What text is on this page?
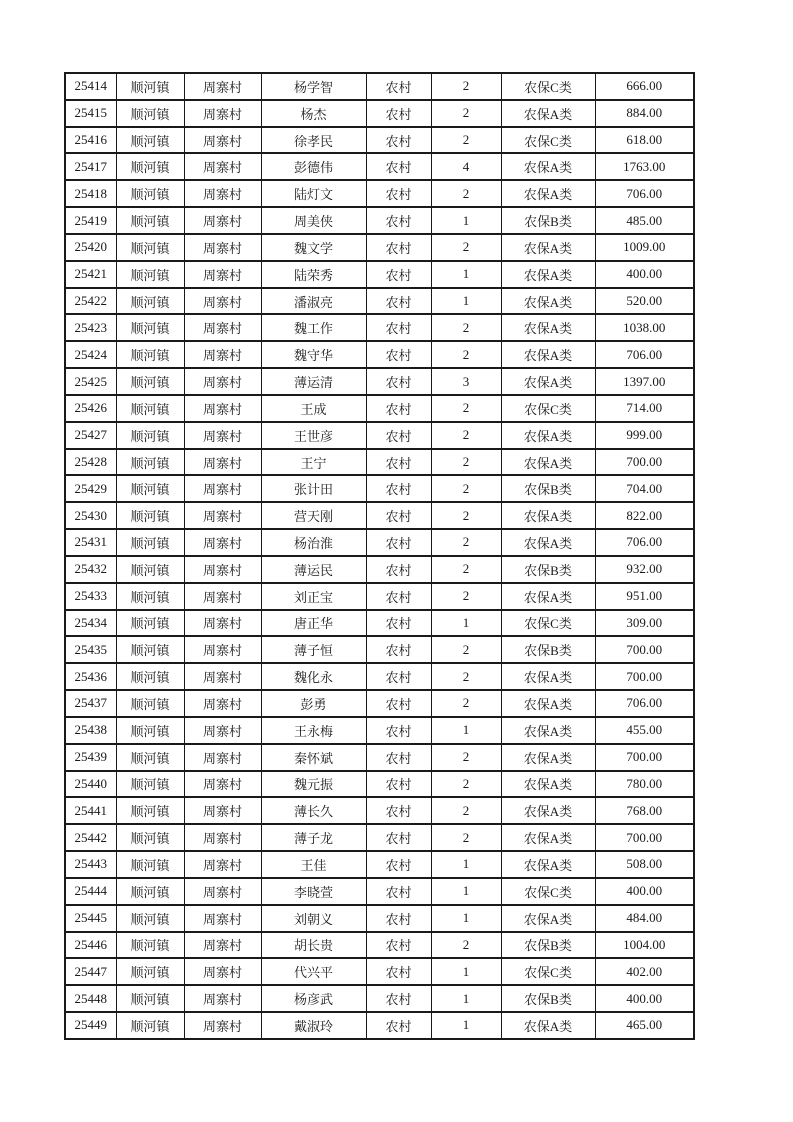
25414	顺河镇	周寨村	杨学智	农村	2	农保C类	666.00
25415	顺河镇	周寨村	杨杰	农村	2	农保A类	884.00
25416	顺河镇	周寨村	徐孝民	农村	2	农保C类	618.00
25417	顺河镇	周寨村	彭德伟	农村	4	农保A类	1763.00
25418	顺河镇	周寨村	陆灯文	农村	2	农保A类	706.00
25419	顺河镇	周寨村	周美侠	农村	1	农保B类	485.00
25420	顺河镇	周寨村	魏文学	农村	2	农保A类	1009.00
25421	顺河镇	周寨村	陆荣秀	农村	1	农保A类	400.00
25422	顺河镇	周寨村	潘淑亮	农村	1	农保A类	520.00
25423	顺河镇	周寨村	魏工作	农村	2	农保A类	1038.00
25424	顺河镇	周寨村	魏守华	农村	2	农保A类	706.00
25425	顺河镇	周寨村	薄运清	农村	3	农保A类	1397.00
25426	顺河镇	周寨村	王成	农村	2	农保C类	714.00
25427	顺河镇	周寨村	王世彦	农村	2	农保A类	999.00
25428	顺河镇	周寨村	王宁	农村	2	农保A类	700.00
25429	顺河镇	周寨村	张计田	农村	2	农保B类	704.00
25430	顺河镇	周寨村	营天刚	农村	2	农保A类	822.00
25431	顺河镇	周寨村	杨治淮	农村	2	农保A类	706.00
25432	顺河镇	周寨村	薄运民	农村	2	农保B类	932.00
25433	顺河镇	周寨村	刘正宝	农村	2	农保A类	951.00
25434	顺河镇	周寨村	唐正华	农村	1	农保C类	309.00
25435	顺河镇	周寨村	薄子恒	农村	2	农保B类	700.00
25436	顺河镇	周寨村	魏化永	农村	2	农保A类	700.00
25437	顺河镇	周寨村	彭勇	农村	2	农保A类	706.00
25438	顺河镇	周寨村	王永梅	农村	1	农保A类	455.00
25439	顺河镇	周寨村	秦怀斌	农村	2	农保A类	700.00
25440	顺河镇	周寨村	魏元振	农村	2	农保A类	780.00
25441	顺河镇	周寨村	薄长久	农村	2	农保A类	768.00
25442	顺河镇	周寨村	薄子龙	农村	2	农保A类	700.00
25443	顺河镇	周寨村	王佳	农村	1	农保A类	508.00
25444	顺河镇	周寨村	李晓萱	农村	1	农保C类	400.00
25445	顺河镇	周寨村	刘朝义	农村	1	农保A类	484.00
25446	顺河镇	周寨村	胡长贵	农村	2	农保B类	1004.00
25447	顺河镇	周寨村	代兴平	农村	1	农保C类	402.00
25448	顺河镇	周寨村	杨彦武	农村	1	农保B类	400.00
25449	顺河镇	周寨村	戴淑玲	农村	1	农保A类	465.00
